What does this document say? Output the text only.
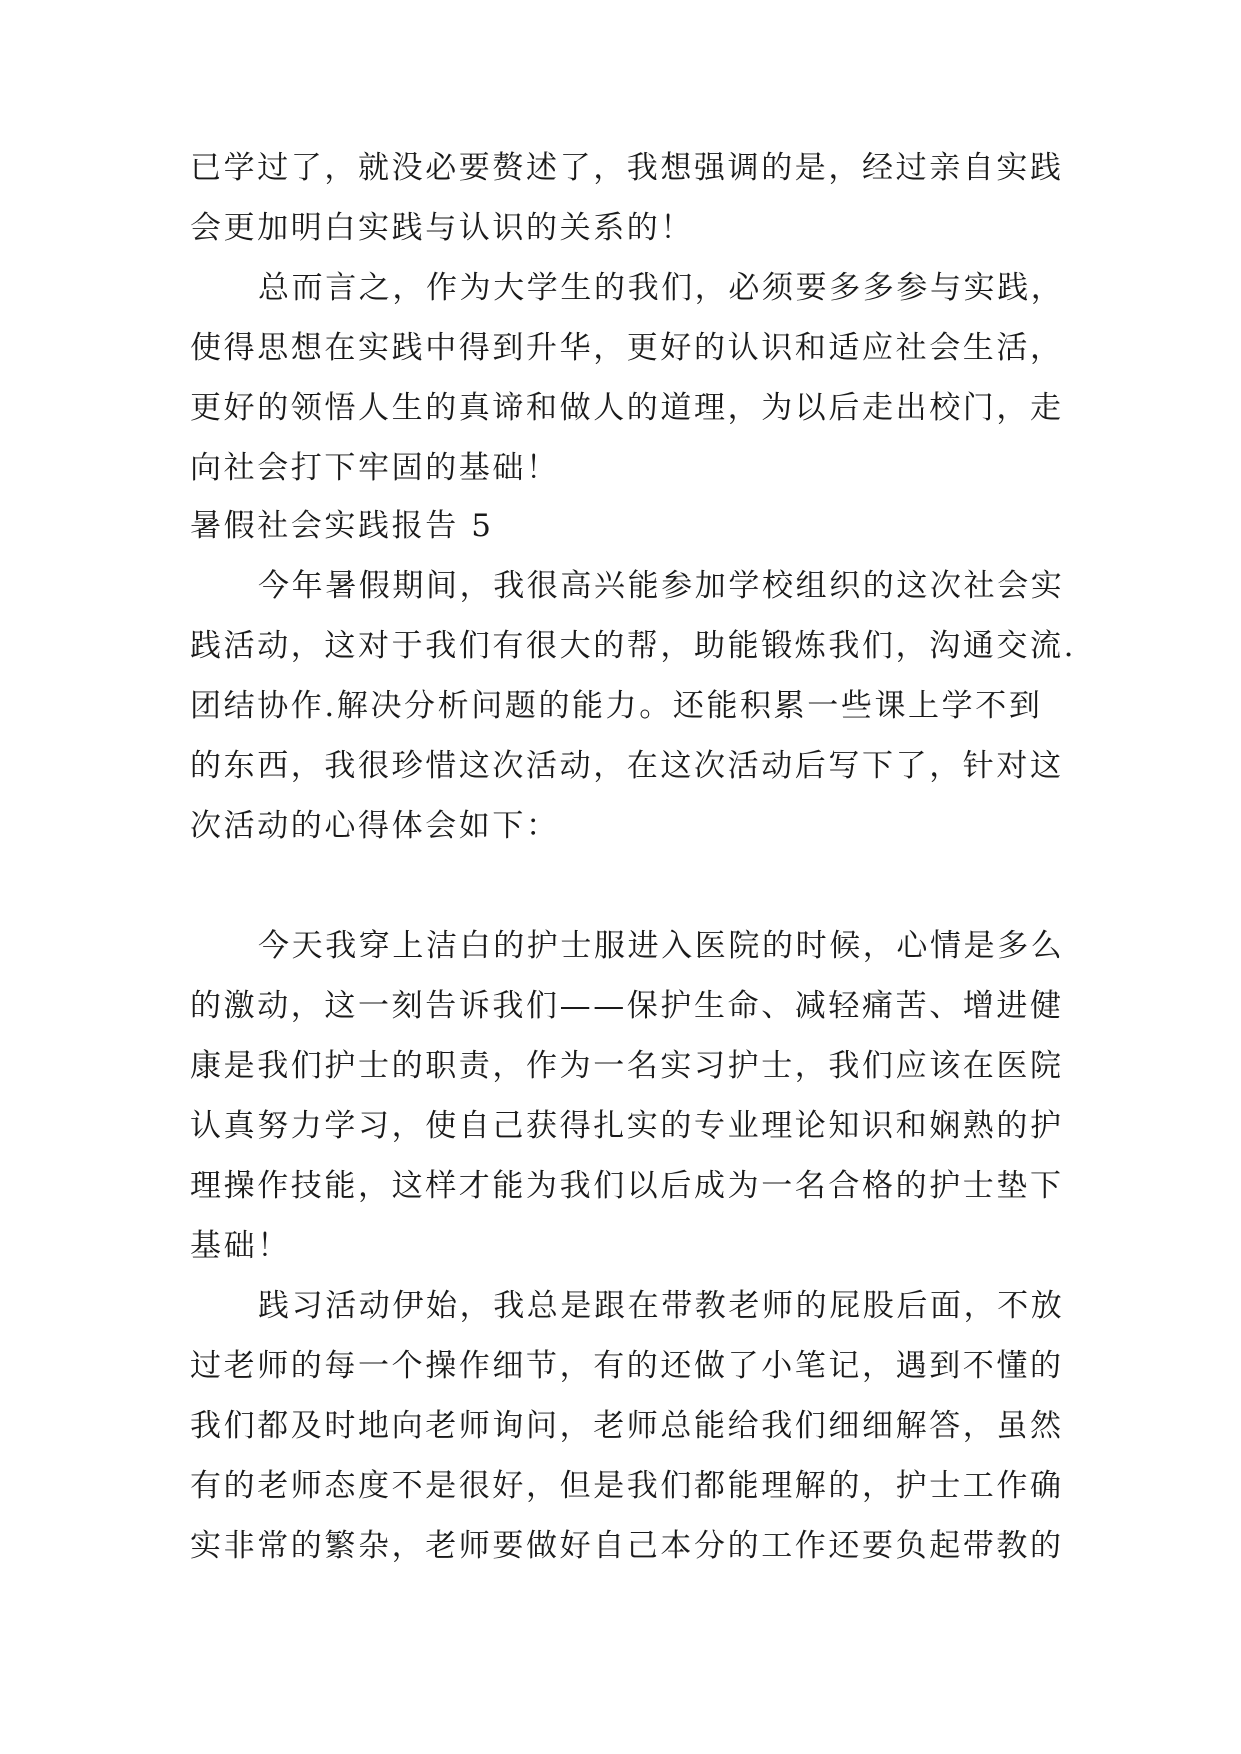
已学过了，就没必要赘述了，我想强调的是，经过亲自实践
会更加明白实践与认识的关系的！
总而言之，作为大学生的我们，必须要多多参与实践，
使得思想在实践中得到升华，更好的认识和适应社会生活，
更好的领悟人生的真谛和做人的道理，为以后走出校门，走
向社会打下牢固的基础！
暑假社会实践报告 5
今年暑假期间，我很高兴能参加学校组织的这次社会实
践活动，这对于我们有很大的帮，助能锻炼我们，沟通交流.
团结协作.解决分析问题的能力。还能积累一些课上学不到
的东西，我很珍惜这次活动，在这次活动后写下了，针对这
次活动的心得体会如下：
今天我穿上洁白的护士服进入医院的时候，心情是多么
的激动，这一刻告诉我们——保护生命、减轻痛苦、增进健
康是我们护士的职责，作为一名实习护士，我们应该在医院
认真努力学习，使自己获得扎实的专业理论知识和娴熟的护
理操作技能，这样才能为我们以后成为一名合格的护士垫下
基础！
践习活动伊始，我总是跟在带教老师的屁股后面，不放
过老师的每一个操作细节，有的还做了小笔记，遇到不懂的
我们都及时地向老师询问，老师总能给我们细细解答，虽然
有的老师态度不是很好，但是我们都能理解的，护士工作确
实非常的繁杂，老师要做好自己本分的工作还要负起带教的
